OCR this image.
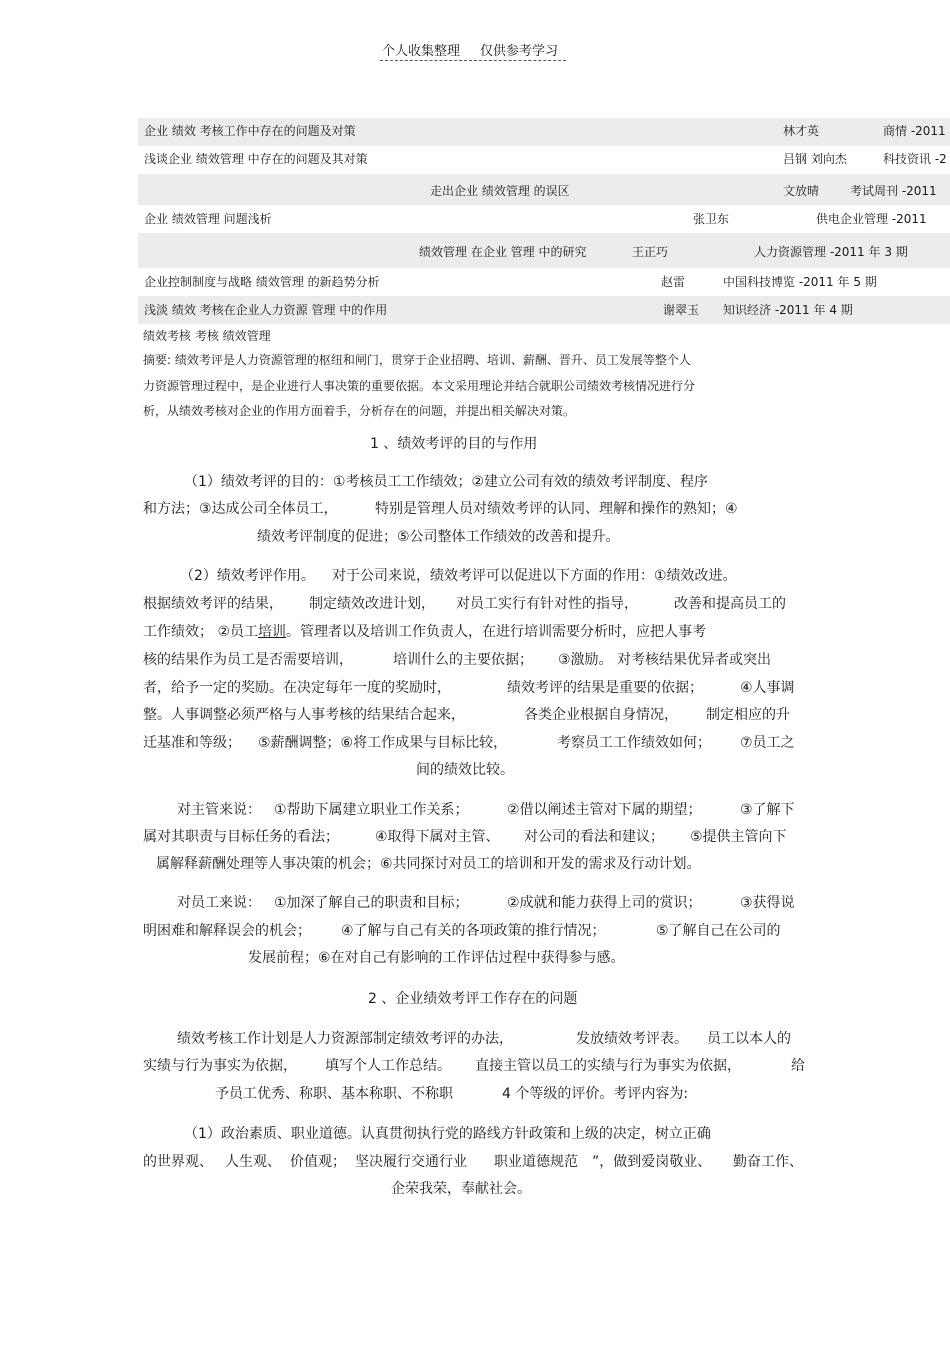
个人收集整理 仅供参考学习
企业 绩效 考核工作中存在的问题及对策	林才英	商情 -2011
浅谈企业 绩效管理 中存在的问题及其对策	吕钢 刘向杰	科技资讯 -2
走出企业 绩效管理 的误区	文放晴	考试周刊 -2011
企业 绩效管理 问题浅析	张卫东	供电企业管理 -2011
绩效管理 在企业 管理 中的研究	王正巧	人力资源管理 -2011 年 3 期
企业控制制度与战略 绩效管理 的新趋势分析	赵雷	中国科技博览 -2011 年 5 期
浅淡 绩效 考核在企业人力资源 管理 中的作用	谢翠玉 知识经济 -2011 年 4 期
绩效考核 考核 绩效管理
摘要: 绩效考评是人力资源管理的枢纽和闸门，贯穿于企业招聘、培训、薪酬、晋升、员工发展等整个人
力资源管理过程中，是企业进行人事决策的重要依据。本文采用理论并结合就职公司绩效考核情况进行分
析，从绩效考核对企业的作用方面着手，分析存在的问题，并提出相关解决对策。
1 、绩效考评的目的与作用
（1）绩效考评的目的：①考核员工工作绩效；②建立公司有效的绩效考评制度、程序
和方法；③达成公司全体员工，	特别是管理人员对绩效考评的认同、理解和操作的熟知；④
绩效考评制度的促进；⑤公司整体工作绩效的改善和提升。
（2）绩效考评作用。 对于公司来说，绩效考评可以促进以下方面的作用：①绩效改进。
根据绩效考评的结果， 制定绩效改进计划， 对员工实行有针对性的指导，	改善和提高员工的
工作绩效； ②员工培训。管理者以及培训工作负责人，在进行培训需要分析时，应把人事考
核的结果作为员工是否需要培训，	培训什么的主要依据； ③激励。 对考核结果优异者或突出
者，给予一定的奖励。在决定每年一度的奖励时，	绩效考评的结果是重要的依据；	④人事调
整。人事调整必须严格与人事考核的结果结合起来，	各类企业根据自身情况， 制定相应的升
迁基准和等级； ⑤薪酬调整；⑥将工作成果与目标比较，	考察员工工作绩效如何； ⑦员工之
间的绩效比较。
对主管来说： ①帮助下属建立职业工作关系；	②借以阐述主管对下属的期望；	③了解下
属对其职责与目标任务的看法；	④取得下属对主管、 对公司的看法和建议； ⑤提供主管向下
属解释薪酬处理等人事决策的机会；⑥共同探讨对员工的培训和开发的需求及行动计划。
对员工来说： ①加深了解自己的职责和目标；	②成就和能力获得上司的赏识；	③获得说
明困难和解释误会的机会； ④了解与自己有关的各项政策的推行情况；	⑤了解自己在公司的
发展前程；⑥在对自己有影响的工作评估过程中获得参与感。
2 、企业绩效考评工作存在的问题
绩效考核工作计划是人力资源部制定绩效考评的办法，	发放绩效考评表。 员工以本人的
实绩与行为事实为依据， 填写个人工作总结。 直接主管以员工的实绩与行为事实为依据，	给
予员工优秀、称职、基本称职、不称职	4 个等级的评价。考评内容为:
（1）政治素质、职业道德。认真贯彻执行党的路线方针政策和上级的决定，树立正确
的世界观、 人生观、 价值观； 坚决履行交通行业 职业道德规范 ”，做到爱岗敬业、 勤奋工作、
企荣我荣，奉献社会。
